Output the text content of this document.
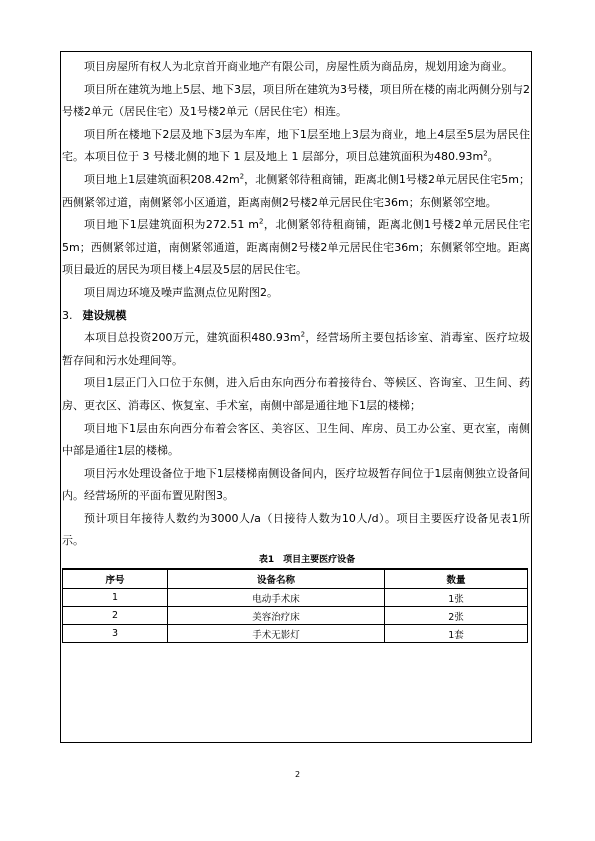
项目房屋所有权人为北京首开商业地产有限公司，房屋性质为商品房，规划用途为商业。

项目所在建筑为地上5层、地下3层，项目所在建筑为3号楼，项目所在楼的南北两侧分别与2号楼2单元（居民住宅）及1号楼2单元（居民住宅）相连。

项目所在楼地下2层及地下3层为车库，地下1层至地上3层为商业，地上4层至5层为居民住宅。本项目位于 3 号楼北侧的地下 1 层及地上 1 层部分，项目总建筑面积为$480.93m^2$。

项目地上1层建筑面积$208.42m^2$，北侧紧邻待租商铺，距离北侧1号楼2单元居民住宅5m；西侧紧邻过道，南侧紧邻小区通道，距离南侧2号楼2单元居民住宅36m；东侧紧邻空地。

项目地下1层建筑面积为272.51 $m^2$，北侧紧邻待租商铺，距离北侧1号楼2单元居民住宅5m；西侧紧邻过道，南侧紧邻通道，距离南侧2号楼2单元居民住宅36m；东侧紧邻空地。距离项目最近的居民为项目楼上4层及5层的居民住宅。

项目周边环境及噪声监测点位见附图2。

3. 建设规模

本项目总投资200万元，建筑面积$480.93m^2$，经营场所主要包括诊室、消毒室、医疗垃圾暂存间和污水处理间等。

项目1层正门入口位于东侧，进入后由东向西分布着接待台、等候区、咨询室、卫生间、药房、更衣区、消毒区、恢复室、手术室，南侧中部是通往地下1层的楼梯；

项目地下1层由东向西分布着会客区、美容区、卫生间、库房、员工办公室、更衣室，南侧中部是通往1层的楼梯。

项目污水处理设备位于地下1层楼梯南侧设备间内，医疗垃圾暂存间位于1层南侧独立设备间内。经营场所的平面布置见附图3。

预计项目年接待人数约为3000人/a（日接待人数为10人/d）。项目主要医疗设备见表1所示。

表1　项目主要医疗设备

序号	设备名称	数量
1	电动手术床	1张
2	美容治疗床	2张
3	手术无影灯	1套
2
